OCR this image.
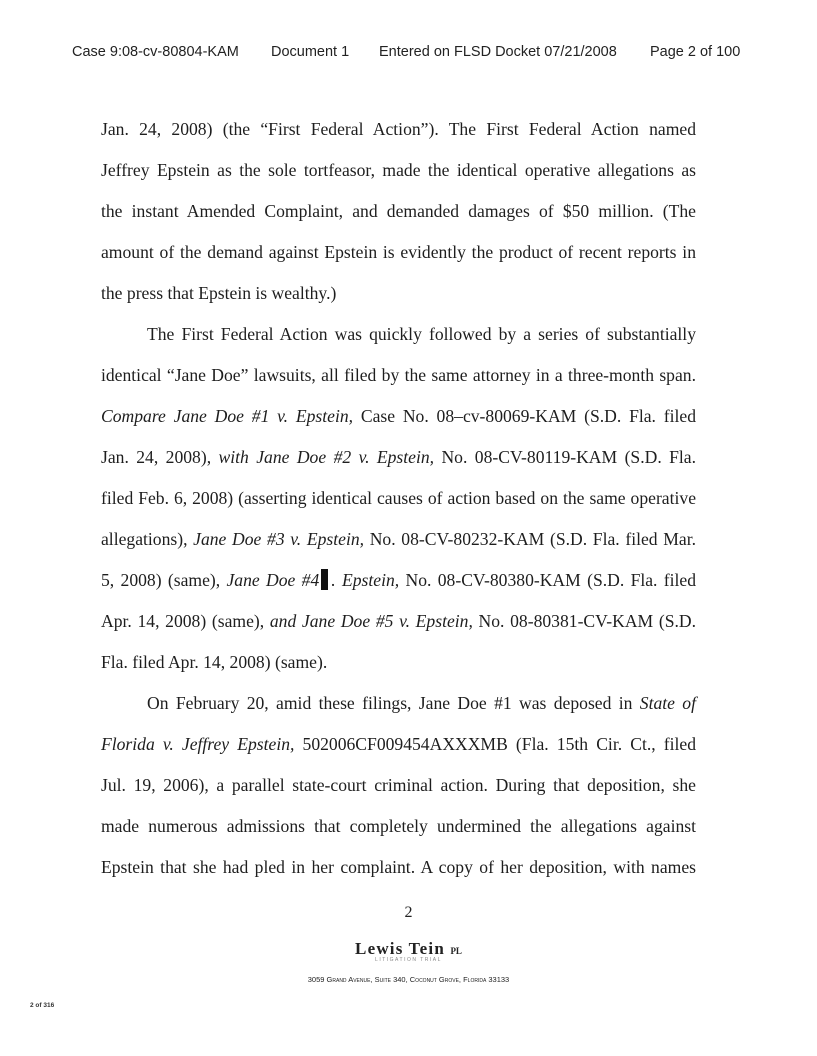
Case 9:08-cv-80804-KAM Document 1 Entered on FLSD Docket 07/21/2008 Page 2 of 100
Jan. 24, 2008) (the “First Federal Action”). The First Federal Action named
Jeffrey Epstein as the sole tortfeasor, made the identical operative allegations as
the instant Amended Complaint, and demanded damages of $50 million. (The
amount of the demand against Epstein is evidently the product of recent reports in
the press that Epstein is wealthy.)
The First Federal Action was quickly followed by a series of substantially
identical “Jane Doe” lawsuits, all filed by the same attorney in a three-month span.
Compare Jane Doe #1 v. Epstein, Case No. 08–cv-80069-KAM (S.D. Fla. filed
Jan. 24, 2008), with Jane Doe #2 v. Epstein, No. 08-CV-80119-KAM (S.D. Fla.
filed Feb. 6, 2008) (asserting identical causes of action based on the same operative
allegations), Jane Doe #3 v. Epstein, No. 08-CV-80232-KAM (S.D. Fla. filed Mar.
5, 2008) (same), Jane Doe #4 . Epstein, No. 08-CV-80380-KAM (S.D. Fla. filed
Apr. 14, 2008) (same), and Jane Doe #5 v. Epstein, No. 08-80381-CV-KAM (S.D.
Fla. filed Apr. 14, 2008) (same).
On February 20, amid these filings, Jane Doe #1 was deposed in State of
Florida v. Jeffrey Epstein, 502006CF009454AXXXMB (Fla. 15th Cir. Ct., filed
Jul. 19, 2006), a parallel state-court criminal action. During that deposition, she
made numerous admissions that completely undermined the allegations against
Epstein that she had pled in her complaint. A copy of her deposition, with names
2
Lewis Tein PL
LITIGATION TRIAL
3059 Grand Avenue, Suite 340, Coconut Grove, Florida 33133
2 of 316
